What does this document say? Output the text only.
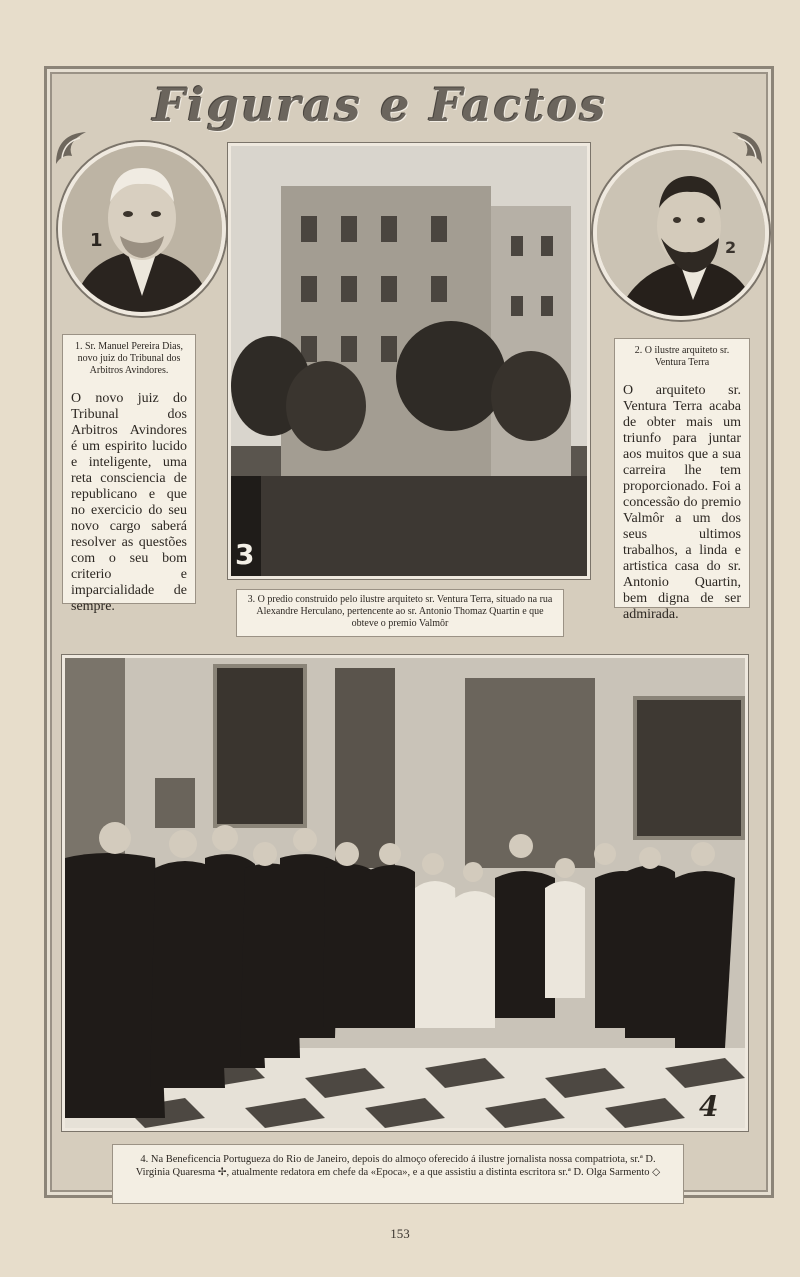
Figuras e Factos
1	2
1. Sr. Manuel Pereira Dias, novo juiz do Tribunal dos Arbitros Avindores.
O novo juiz do Tribunal dos Arbitros Avindores é um espirito lucido e inteligente, uma reta consciencia de republicano e que no exercicio do seu novo cargo saberá resolver as questões com o seu bom criterio e imparcialidade de sempre.
2. O ilustre arquiteto sr. Ventura Terra
O arquiteto sr. Ventura Terra acaba de obter mais um triunfo para juntar aos muitos que a sua carreira lhe tem proporcionado. Foi a concessão do premio Valmôr a um dos seus ultimos trabalhos, a linda e artistica casa do sr. Antonio Quartin, bem digna de ser admirada.
3
3. O predio construido pelo ilustre arquiteto sr. Ventura Terra, situado na rua Alexandre Herculano, pertencente ao sr. Antonio Thomaz Quartin e que obteve o premio Valmôr
4
4. Na Beneficencia Portugueza do Rio de Janeiro, depois do almoço oferecido á ilustre jornalista nossa compatriota, sr.ª D. Virginia Quaresma ✢, atualmente redatora em chefe da «Epoca», e a que assistiu a distinta escritora sr.ª D. Olga Sarmento ◇
153
